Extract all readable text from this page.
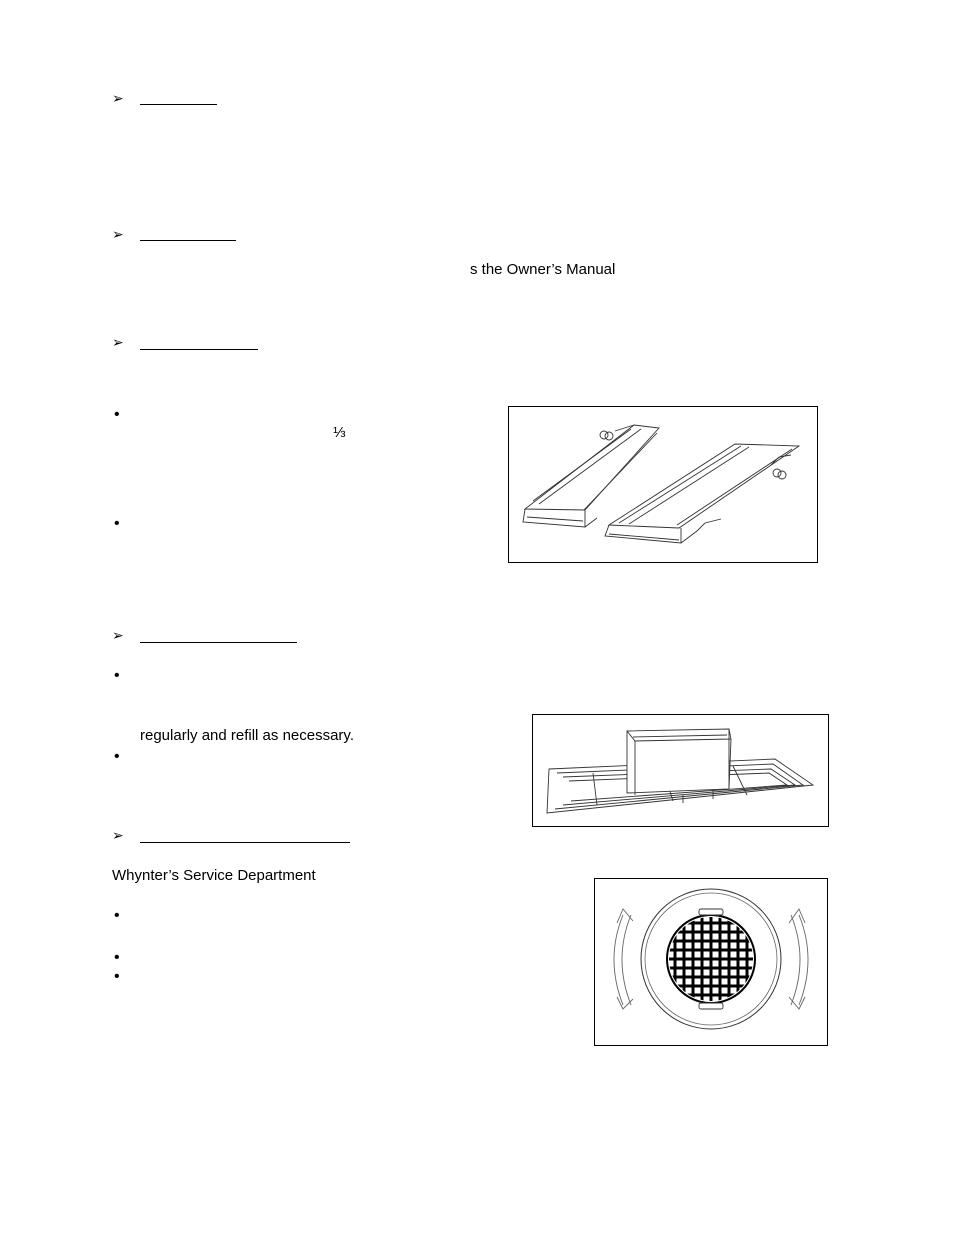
➢
➢
s the Owner’s Manual
➢
•
⅓
•
➢
•
regularly and refill as necessary.
•
➢
Whynter’s Service Department
•
•
•
